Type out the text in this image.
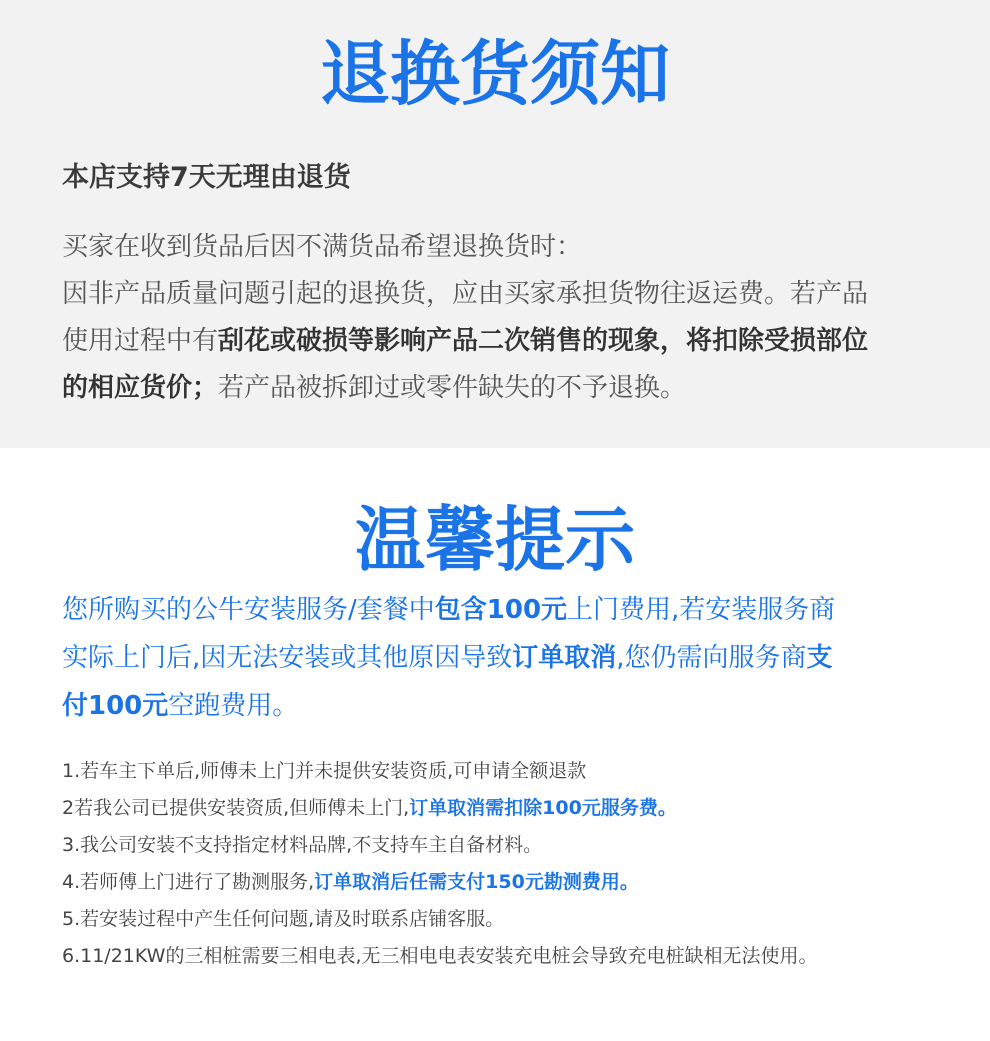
退换货须知
本店支持7天无理由退货

买家在收到货品后因不满货品希望退换货时：
因非产品质量问题引起的退换货，应由买家承担货物往返运费。若产品
使用过程中有刮花或破损等影响产品二次销售的现象，将扣除受损部位
的相应货价；若产品被拆卸过或零件缺失的不予退换。

温馨提示

您所购买的公牛安装服务/套餐中包含100元上门费用,若安装服务商
实际上门后,因无法安装或其他原因导致订单取消,您仍需向服务商支
付100元空跑费用。

1.若车主下单后,师傅未上门并未提供安装资质,可申请全额退款
2若我公司已提供安装资质,但师傅未上门,订单取消需扣除100元服务费。
3.我公司安装不支持指定材料品牌,不支持车主自备材料。
4.若师傅上门进行了勘测服务,订单取消后任需支付150元勘测费用。
5.若安装过程中产生任何问题,请及时联系店铺客服。
6.11/21KW的三相桩需要三相电表,无三相电电表安装充电桩会导致充电桩缺相无法使用。
